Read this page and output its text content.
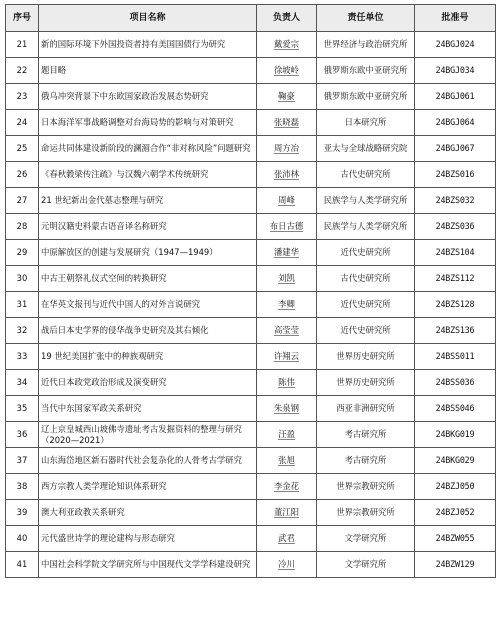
序号	项目名称	负责人	责任单位	批准号
21	新的国际环境下外国投资者持有美国国债行为研究	戴爱宗	世界经济与政治研究所	24BGJ024
22	题目略	徐坡岭	俄罗斯东欧中亚研究所	24BGJ034
23	俄乌冲突背景下中东欧国家政治发展态势研究	鞠豪	俄罗斯东欧中亚研究所	24BGJ061
24	日本海洋军事战略调整对台海局势的影响与对策研究	张晓磊	日本研究所	24BGJ064
25	命运共同体建设新阶段的澜湄合作“非对称风险”问题研究	周方冶	亚太与全球战略研究院	24BGJ067
26	《春秋穀梁传注疏》与汉魏六朝学术传统研究	张沛林	古代史研究所	24BZS016
27	21 世纪新出金代墓志整理与研究	周峰	民族学与人类学研究所	24BZS032
28	元明汉籍史料蒙古语音译名称研究	布日古德	民族学与人类学研究所	24BZS036
29	中原解放区的创建与发展研究（1947—1949）	潘建华	近代史研究所	24BZS104
30	中古王朝祭礼仪式空间的转换研究	刘凯	古代史研究所	24BZS112
31	在华英文报刊与近代中国人的对外言说研究	李卿	近代史研究所	24BZS128
32	战后日本史学界的侵华战争史研究及其右倾化	高莹莹	近代史研究所	24BZS136
33	19 世纪美国扩张中的种族观研究	许翔云	世界历史研究所	24BSS011
34	近代日本政党政治形成及演变研究	陈伟	世界历史研究所	24BSS036
35	当代中东国家军政关系研究	朱泉钢	西亚非洲研究所	24BSS046
36	辽上京皇城西山坡佛寺遗址考古发掘资料的整理与研究（2020—2021）	汪盈	考古研究所	24BKG019
37	山东海岱地区新石器时代社会复杂化的人骨考古学研究	张旭	考古研究所	24BKG029
38	西方宗教人类学理论知识体系研究	李金花	世界宗教研究所	24BZJ050
39	澳大利亚政教关系研究	董江阳	世界宗教研究所	24BZJ052
40	元代盛世诗学的理论建构与形态研究	武君	文学研究所	24BZW055
41	中国社会科学院文学研究所与中国现代文学学科建设研究	冷川	文学研究所	24BZW129
